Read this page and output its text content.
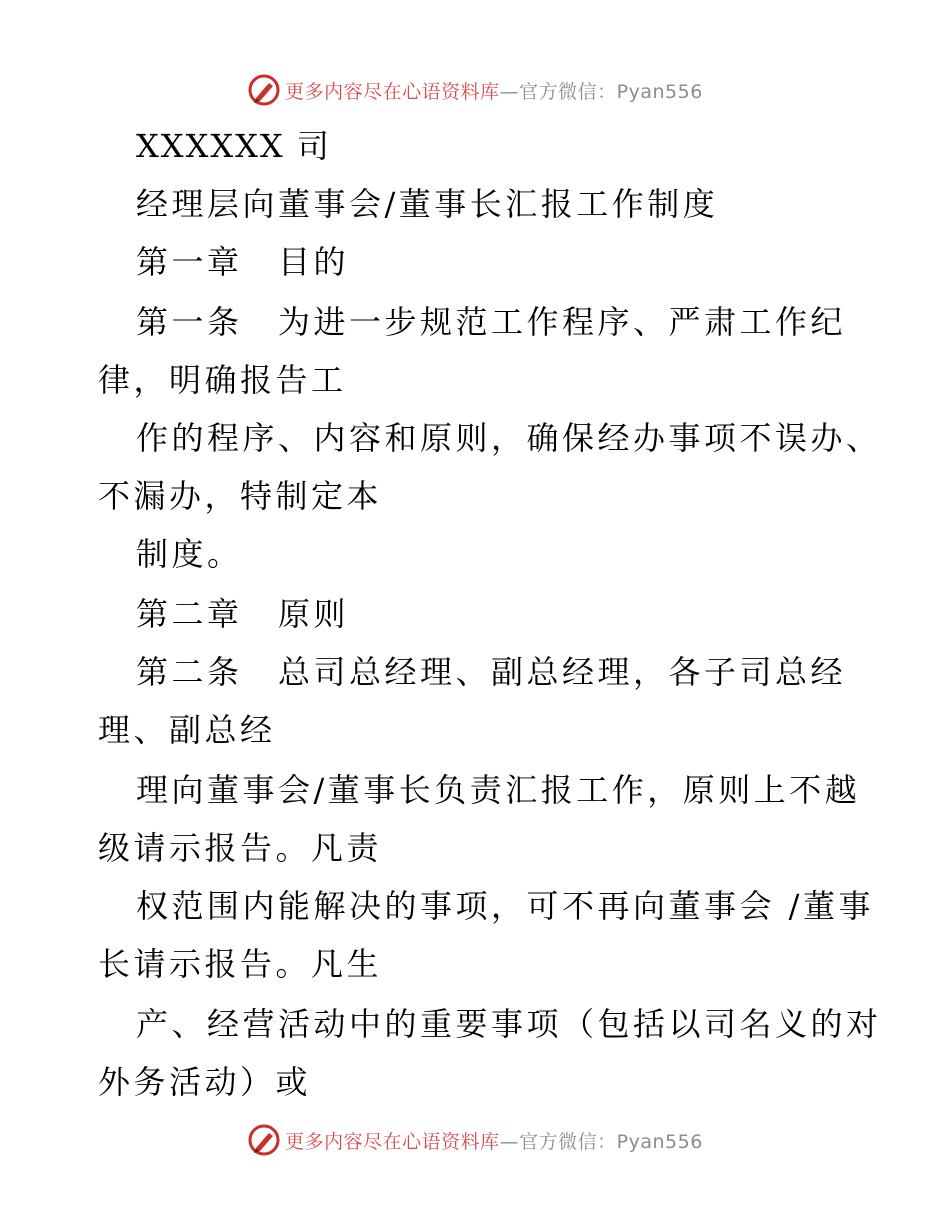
更多内容尽在心语资料库—官方微信：Pyan556
XXXXXX 司
经理层向董事会/董事长汇报工作制度
第一章　目的
第一条　为进一步规范工作程序、严肃工作纪
律，明确报告工
作的程序、内容和原则，确保经办事项不误办、
不漏办，特制定本
制度。
第二章　原则
第二条　总司总经理、副总经理，各子司总经
理、副总经
理向董事会/董事长负责汇报工作，原则上不越
级请示报告。凡责
权范围内能解决的事项，可不再向董事会 /董事
长请示报告。凡生
产、经营活动中的重要事项（包括以司名义的对
外务活动）或
更多内容尽在心语资料库—官方微信：Pyan556
